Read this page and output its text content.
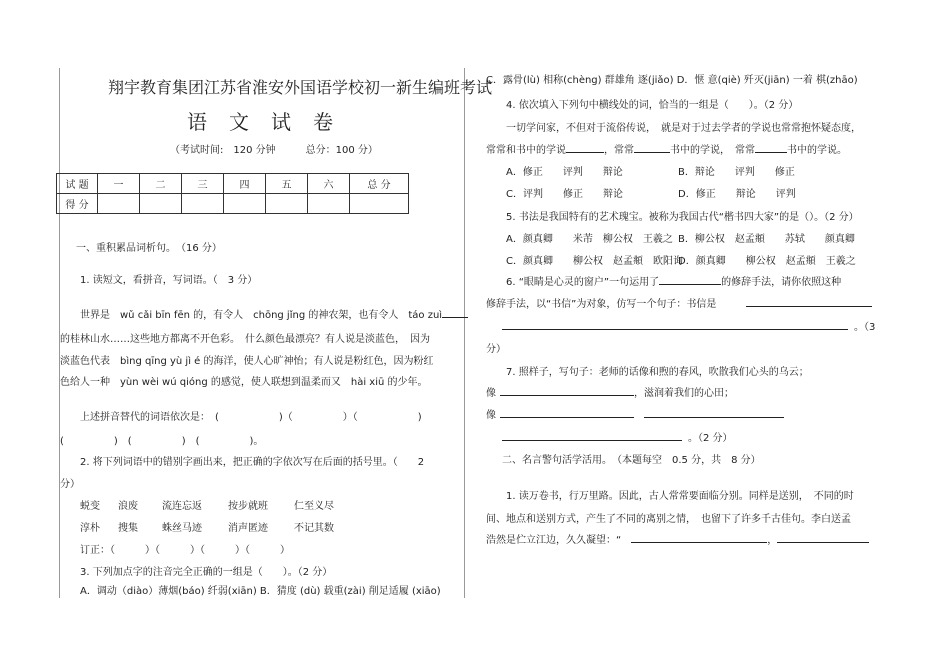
翔宇教育集团江苏省淮安外国语学校初一新生编班考试
语文试卷
（考试时间:　120 分钟　　　总分：100 分）
试 题	一	二	三	四	五	六	总 分
得 分							
一、重积累品词析句。　（16 分）
1. 读短文，看拼音，写词语。（　3 分）
世界是　wǔ cǎi bīn fēn 的，有令人　chōng jǐng 的神农架，也有令人　táo zuì
的桂林山水……这些地方都离不开色彩。　什么颜色最漂亮？有人说是淡蓝色，　因为
淡蓝色代表　bìng qīng yù jì é 的海洋，使人心旷神怡；有人说是粉红色，因为粉红
色给人一种　yùn wèi wú qióng 的感觉，使人联想到温柔而又　hài xiū 的少年。
上述拼音替代的词语依次是：　(　　　　　　)（　　　　　）（　　　　　　)
(　　　　　)　(　　　　　)　(　　　　　)。
2. 将下列词语中的错别字画出来，把正确的字依次写在后面的括号里。（　　2
分）
蜕变 浪废 流连忘返	按步就班	仁至义尽
淳朴 搜集 蛛丝马迹	消声匿迹	不记其数
订正：（　　　）（　　　）（　　　）（　　　）
3. 下列加点字的注音完全正确的一组是（　　）。（2 分）
A．调动（diào）薄烟(báo) 纤弱(xiān) B．猜度 (dù) 载重(zài) 削足适履 (xiāo)
C．露骨(lù) 相称(chèng) 群雄角 逐(jiǎo) D．惬 意(qiè) 歼灭(jiān) 一着 棋(zhāo)
4. 依次填入下列句中横线处的词，恰当的一组是（　　）。（2 分）
一切学问家，不但对于流俗传说，　就是对于过去学者的学说也常常抱怀疑态度，
常常和书中的学说	，常常	书中的学说，　常常	书中的学说。
A．修正　　评判　　辩论	B．辩论　　评判　　修正
C．评判　　修正　　辩论	D．修正　　辩论　　评判
5. 书法是我国特有的艺术瑰宝。被称为我国古代“楷书四大家”的是（）。（2 分）
A．颜真卿　　米芾　柳公权　王羲之 B．柳公权　赵孟頫　　苏轼　　颜真卿
C．颜真卿　　柳公权　赵孟頫　欧阳询
D．颜真卿　　柳公权　赵孟頫　王羲之
6. “眼睛是心灵的窗户”一句运用了	的修辞手法，请你依照这种
修辞手法，以“书信”为对象，仿写一个句子：书信是
。（3
分）
7. 照样子，写句子：老师的话像和煦的春风，吹散我们心头的乌云；
像	，滋润着我们的心田；
像
。（2 分）
二、名言警句活学活用。　（本题每空　0.5 分，共　8 分）
1. 读万卷书，行万里路。因此，古人常常要面临分别。同样是送别，　不同的时
间、地点和送别方式，产生了不同的离别之情，　也留下了许多千古佳句。李白送孟
浩然是伫立江边，久久凝望：“	，
